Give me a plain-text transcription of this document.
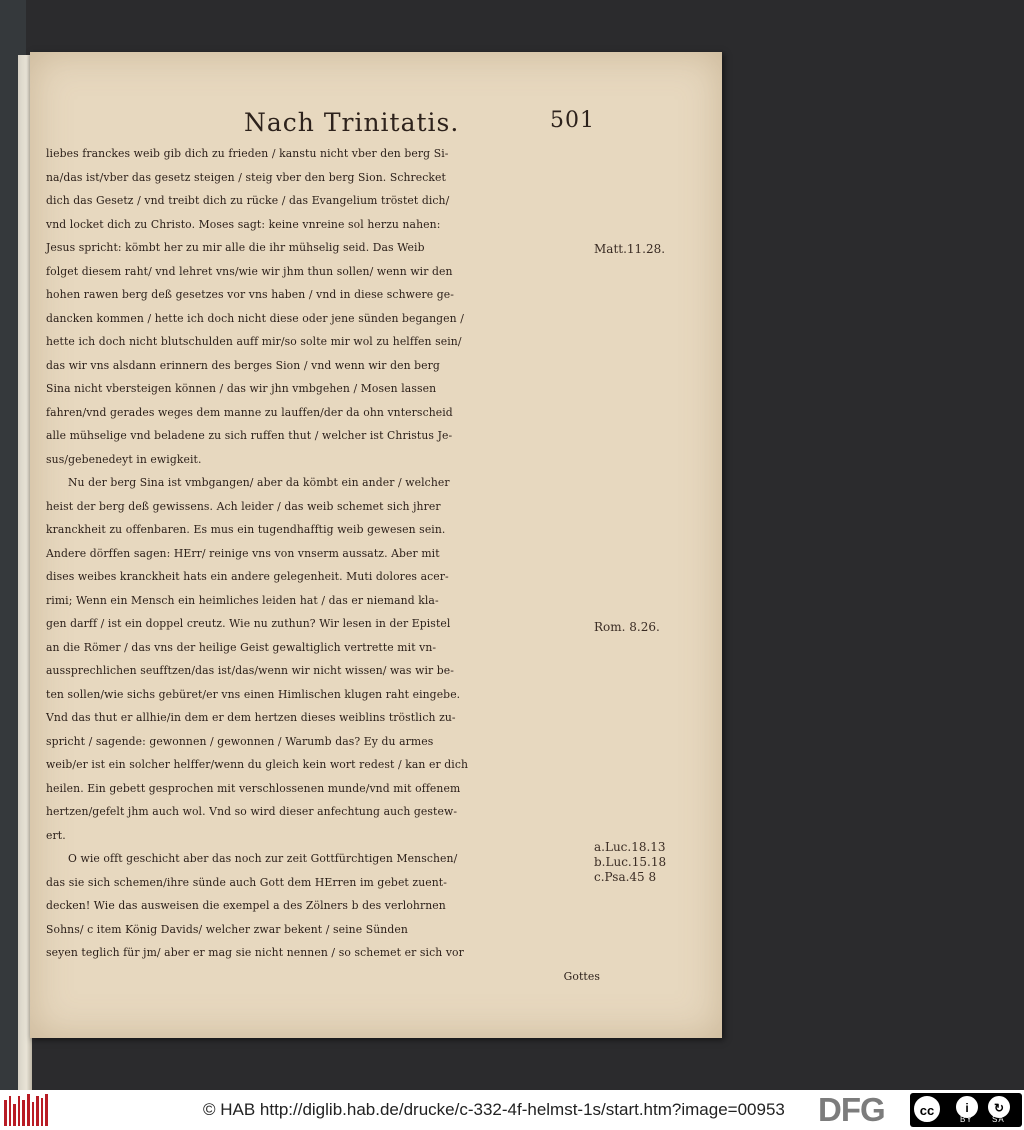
Nach Trinitatis.	501
liebes franckes weib gib dich zu frieden / kanstu nicht vber den berg Si-
na/das ist/vber das gesetz steigen / steig vber den berg Sion. Schrecket
dich das Gesetz / vnd treibt dich zu rücke / das Evangelium tröstet dich/
vnd locket dich zu Christo. Moses sagt: keine vnreine sol herzu nahen:
Jesus spricht: kömbt her zu mir alle die ihr mühselig seid. Das Weib
folget diesem raht/ vnd lehret vns/wie wir jhm thun sollen/ wenn wir den
hohen rawen berg deß gesetzes vor vns haben / vnd in diese schwere ge-
dancken kommen / hette ich doch nicht diese oder jene sünden begangen /
hette ich doch nicht blutschulden auff mir/so solte mir wol zu helffen sein/
das wir vns alsdann erinnern des berges Sion / vnd wenn wir den berg
Sina nicht vbersteigen können / das wir jhn vmbgehen / Mosen lassen
fahren/vnd gerades weges dem manne zu lauffen/der da ohn vnterscheid
alle mühselige vnd beladene zu sich ruffen thut / welcher ist Christus Je-
sus/gebenedeyt in ewigkeit.
Nu der berg Sina ist vmbgangen/ aber da kömbt ein ander / welcher
heist der berg deß gewissens. Ach leider / das weib schemet sich jhrer
kranckheit zu offenbaren. Es mus ein tugendhafftig weib gewesen sein.
Andere dörffen sagen: HErr/ reinige vns von vnserm aussatz. Aber mit
dises weibes kranckheit hats ein andere gelegenheit. Muti dolores acer-
rimi; Wenn ein Mensch ein heimliches leiden hat / das er niemand kla-
gen darff / ist ein doppel creutz. Wie nu zuthun? Wir lesen in der Epistel
an die Römer / das vns der heilige Geist gewaltiglich vertrette mit vn-
aussprechlichen seufftzen/das ist/das/wenn wir nicht wissen/ was wir be-
ten sollen/wie sichs gebüret/er vns einen Himlischen klugen raht eingebe.
Vnd das thut er allhie/in dem er dem hertzen dieses weiblins tröstlich zu-
spricht / sagende: gewonnen / gewonnen / Warumb das? Ey du armes
weib/er ist ein solcher helffer/wenn du gleich kein wort redest / kan er dich
heilen. Ein gebett gesprochen mit verschlossenen munde/vnd mit offenem
hertzen/gefelt jhm auch wol. Vnd so wird dieser anfechtung auch gestew-
ert.
O wie offt geschicht aber das noch zur zeit Gottfürchtigen Menschen/
das sie sich schemen/ihre sünde auch Gott dem HErren im gebet zuent-
decken! Wie das ausweisen die exempel a des Zölners b des verlohrnen
Sohns/ c item König Davids/ welcher zwar bekent / seine Sünden
seyen teglich für jm/ aber er mag sie nicht nennen / so schemet er sich vor
Gottes
Matt.11.28.
Rom. 8.26.
a.Luc.18.13
b.Luc.15.18
c.Psa.45 8
© HAB http://diglib.hab.de/drucke/c-332-4f-helmst-1s/start.htm?image=00953 DFG	cc	i	↻
BY SA
